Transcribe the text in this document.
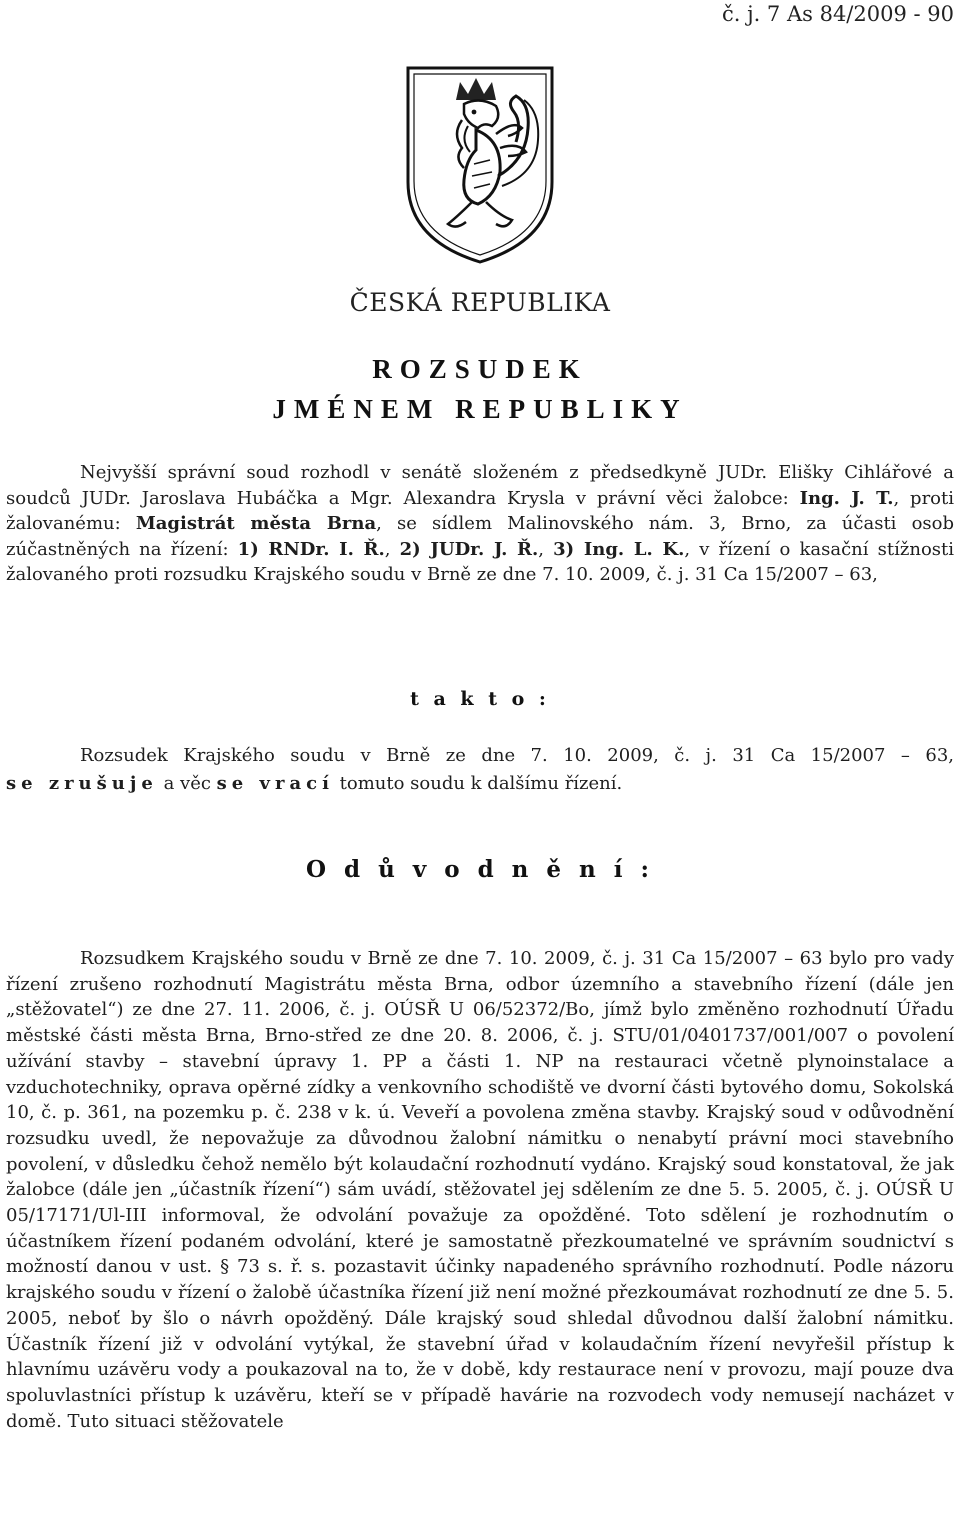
č. j. 7 As 84/2009 - 90
ČESKÁ REPUBLIKA
ROZSUDEK
JMÉNEM REPUBLIKY
Nejvyšší správní soud rozhodl v senátě složeném z předsedkyně JUDr. Elišky Cihlářové a soudců JUDr. Jaroslava Hubáčka a Mgr. Alexandra Krysla v právní věci žalobce: Ing. J. T., proti žalovanému: Magistrát města Brna, se sídlem Malinovského nám. 3, Brno, za účasti osob zúčastněných na řízení: 1) RNDr. I. Ř., 2) JUDr. J. Ř., 3) Ing. L. K., v řízení o kasační stížnosti žalovaného proti rozsudku Krajského soudu v Brně ze dne 7. 10. 2009, č. j. 31 Ca 15/2007 – 63,
t a k t o :
Rozsudek Krajského soudu v Brně ze dne 7. 10. 2009, č. j. 31 Ca 15/2007 – 63,
se zrušuje a věc se vrací tomuto soudu k dalšímu řízení.
O d ů v o d n ě n í :
Rozsudkem Krajského soudu v Brně ze dne 7. 10. 2009, č. j. 31 Ca 15/2007 – 63 bylo pro vady řízení zrušeno rozhodnutí Magistrátu města Brna, odbor územního a stavebního řízení (dále jen „stěžovatel“) ze dne 27. 11. 2006, č. j. OÚSŘ U 06/52372/Bo, jímž bylo změněno rozhodnutí Úřadu městské části města Brna, Brno-střed ze dne 20. 8. 2006, č. j. STU/01/0401737/001/007 o povolení užívání stavby – stavební úpravy 1. PP a části 1. NP na restauraci včetně plynoinstalace a vzduchotechniky, oprava opěrné zídky a venkovního schodiště ve dvorní části bytového domu, Sokolská 10, č. p. 361, na pozemku p. č. 238 v k. ú. Veveří a povolena změna stavby. Krajský soud v odůvodnění rozsudku uvedl, že nepovažuje za důvodnou žalobní námitku o nenabytí právní moci stavebního povolení, v důsledku čehož nemělo být kolaudační rozhodnutí vydáno. Krajský soud konstatoval, že jak žalobce (dále jen „účastník řízení“) sám uvádí, stěžovatel jej sdělením ze dne 5. 5. 2005, č. j. OÚSŘ U 05/17171/Ul-III informoval, že odvolání považuje za opožděné. Toto sdělení je rozhodnutím o účastníkem řízení podaném odvolání, které je samostatně přezkoumatelné ve správním soudnictví s možností danou v ust. § 73 s. ř. s. pozastavit účinky napadeného správního rozhodnutí. Podle názoru krajského soudu v řízení o žalobě účastníka řízení již není možné přezkoumávat rozhodnutí ze dne 5. 5. 2005, neboť by šlo o návrh opožděný. Dále krajský soud shledal důvodnou další žalobní námitku. Účastník řízení již v odvolání vytýkal, že stavební úřad v kolaudačním řízení nevyřešil přístup k hlavnímu uzávěru vody a poukazoval na to, že v době, kdy restaurace není v provozu, mají pouze dva spoluvlastníci přístup k uzávěru, kteří se v případě havárie na rozvodech vody nemusejí nacházet v domě. Tuto situaci stěžovatele
